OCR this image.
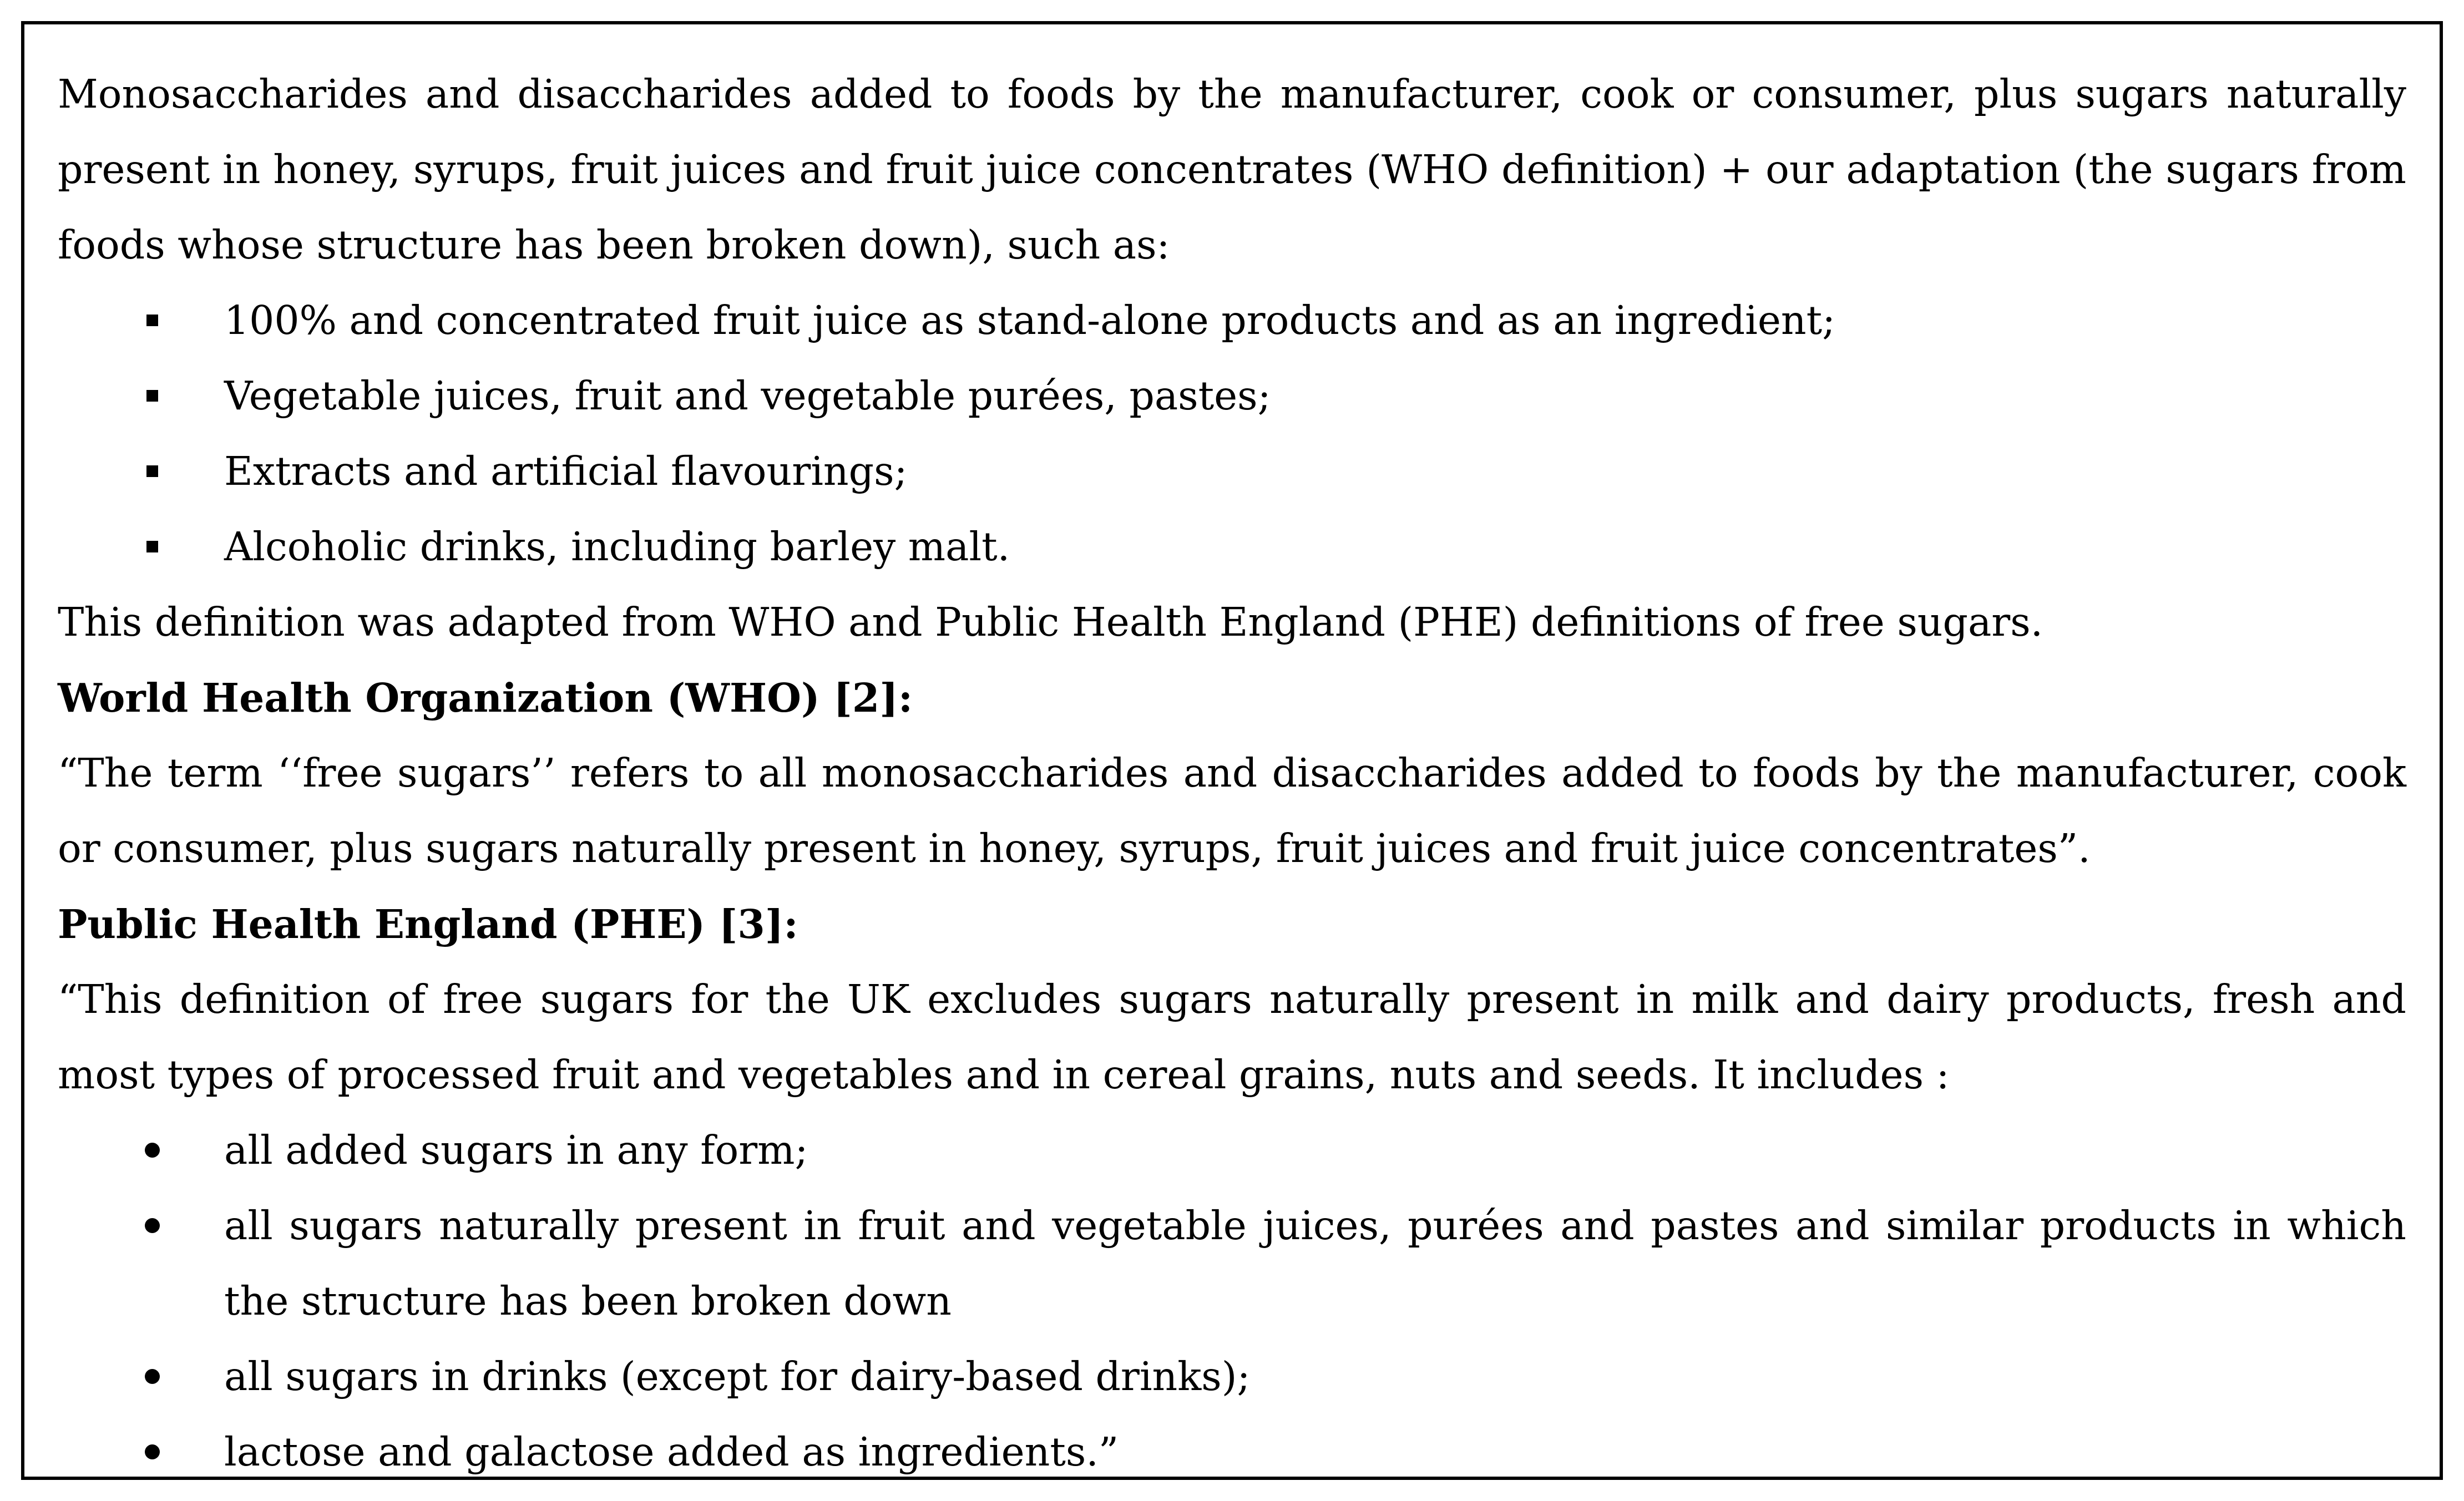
Monosaccharides and disaccharides added to foods by the manufacturer, cook or consumer, plus sugars naturally
present in honey, syrups, fruit juices and fruit juice concentrates (WHO definition) + our adaptation (the sugars from
foods whose structure has been broken down), such as:
100% and concentrated fruit juice as stand-alone products and as an ingredient;
Vegetable juices, fruit and vegetable purées, pastes;
Extracts and artificial flavourings;
Alcoholic drinks, including barley malt.
This definition was adapted from WHO and Public Health England (PHE) definitions of free sugars.
World Health Organization (WHO) [2]:
“The term ‘‘free sugars’’ refers to all monosaccharides and disaccharides added to foods by the manufacturer, cook
or consumer, plus sugars naturally present in honey, syrups, fruit juices and fruit juice concentrates”.
Public Health England (PHE) [3]:
“This definition of free sugars for the UK excludes sugars naturally present in milk and dairy products, fresh and
most types of processed fruit and vegetables and in cereal grains, nuts and seeds. It includes :
all added sugars in any form;
all sugars naturally present in fruit and vegetable juices, purées and pastes and similar products in which
the structure has been broken down
all sugars in drinks (except for dairy-based drinks);
lactose and galactose added as ingredients.”
